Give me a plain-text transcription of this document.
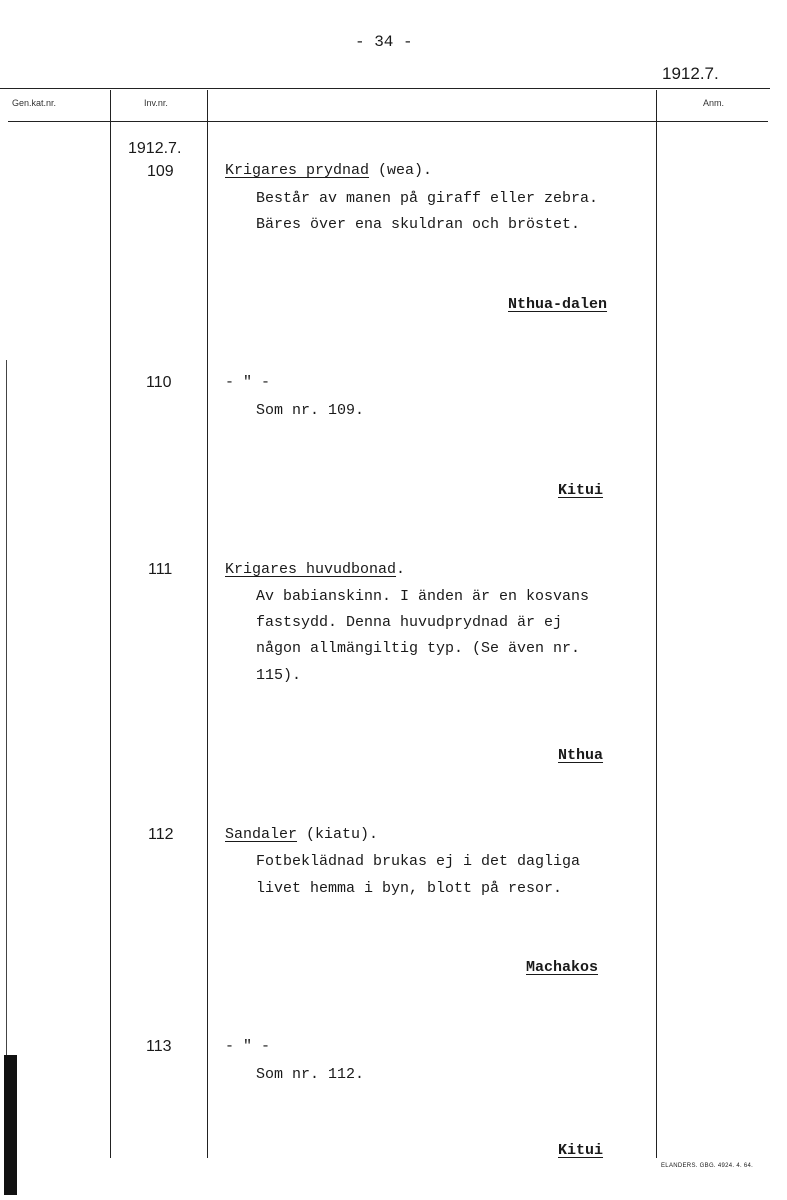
- 34 -
1912.7.
Gen.kat.nr.	Inv.nr.	Anm.
1912.7.
109	Krigares prydnad (wea).
Består av manen på giraff eller zebra.
Bäres över ena skuldran och bröstet.
Nthua-dalen
110	- " -
Som nr. 109.
Kitui
111	Krigares huvudbonad.
Av babianskinn. I änden är en kosvans
fastsydd. Denna huvudprydnad är ej
någon allmängiltig typ. (Se även nr.
115).
Nthua
112	Sandaler (kiatu).
Fotbeklädnad brukas ej i det dagliga
livet hemma i byn, blott på resor.
Machakos
113	- " -
Som nr. 112.
Kitui
ELANDERS. GBG. 4924. 4. 64.
